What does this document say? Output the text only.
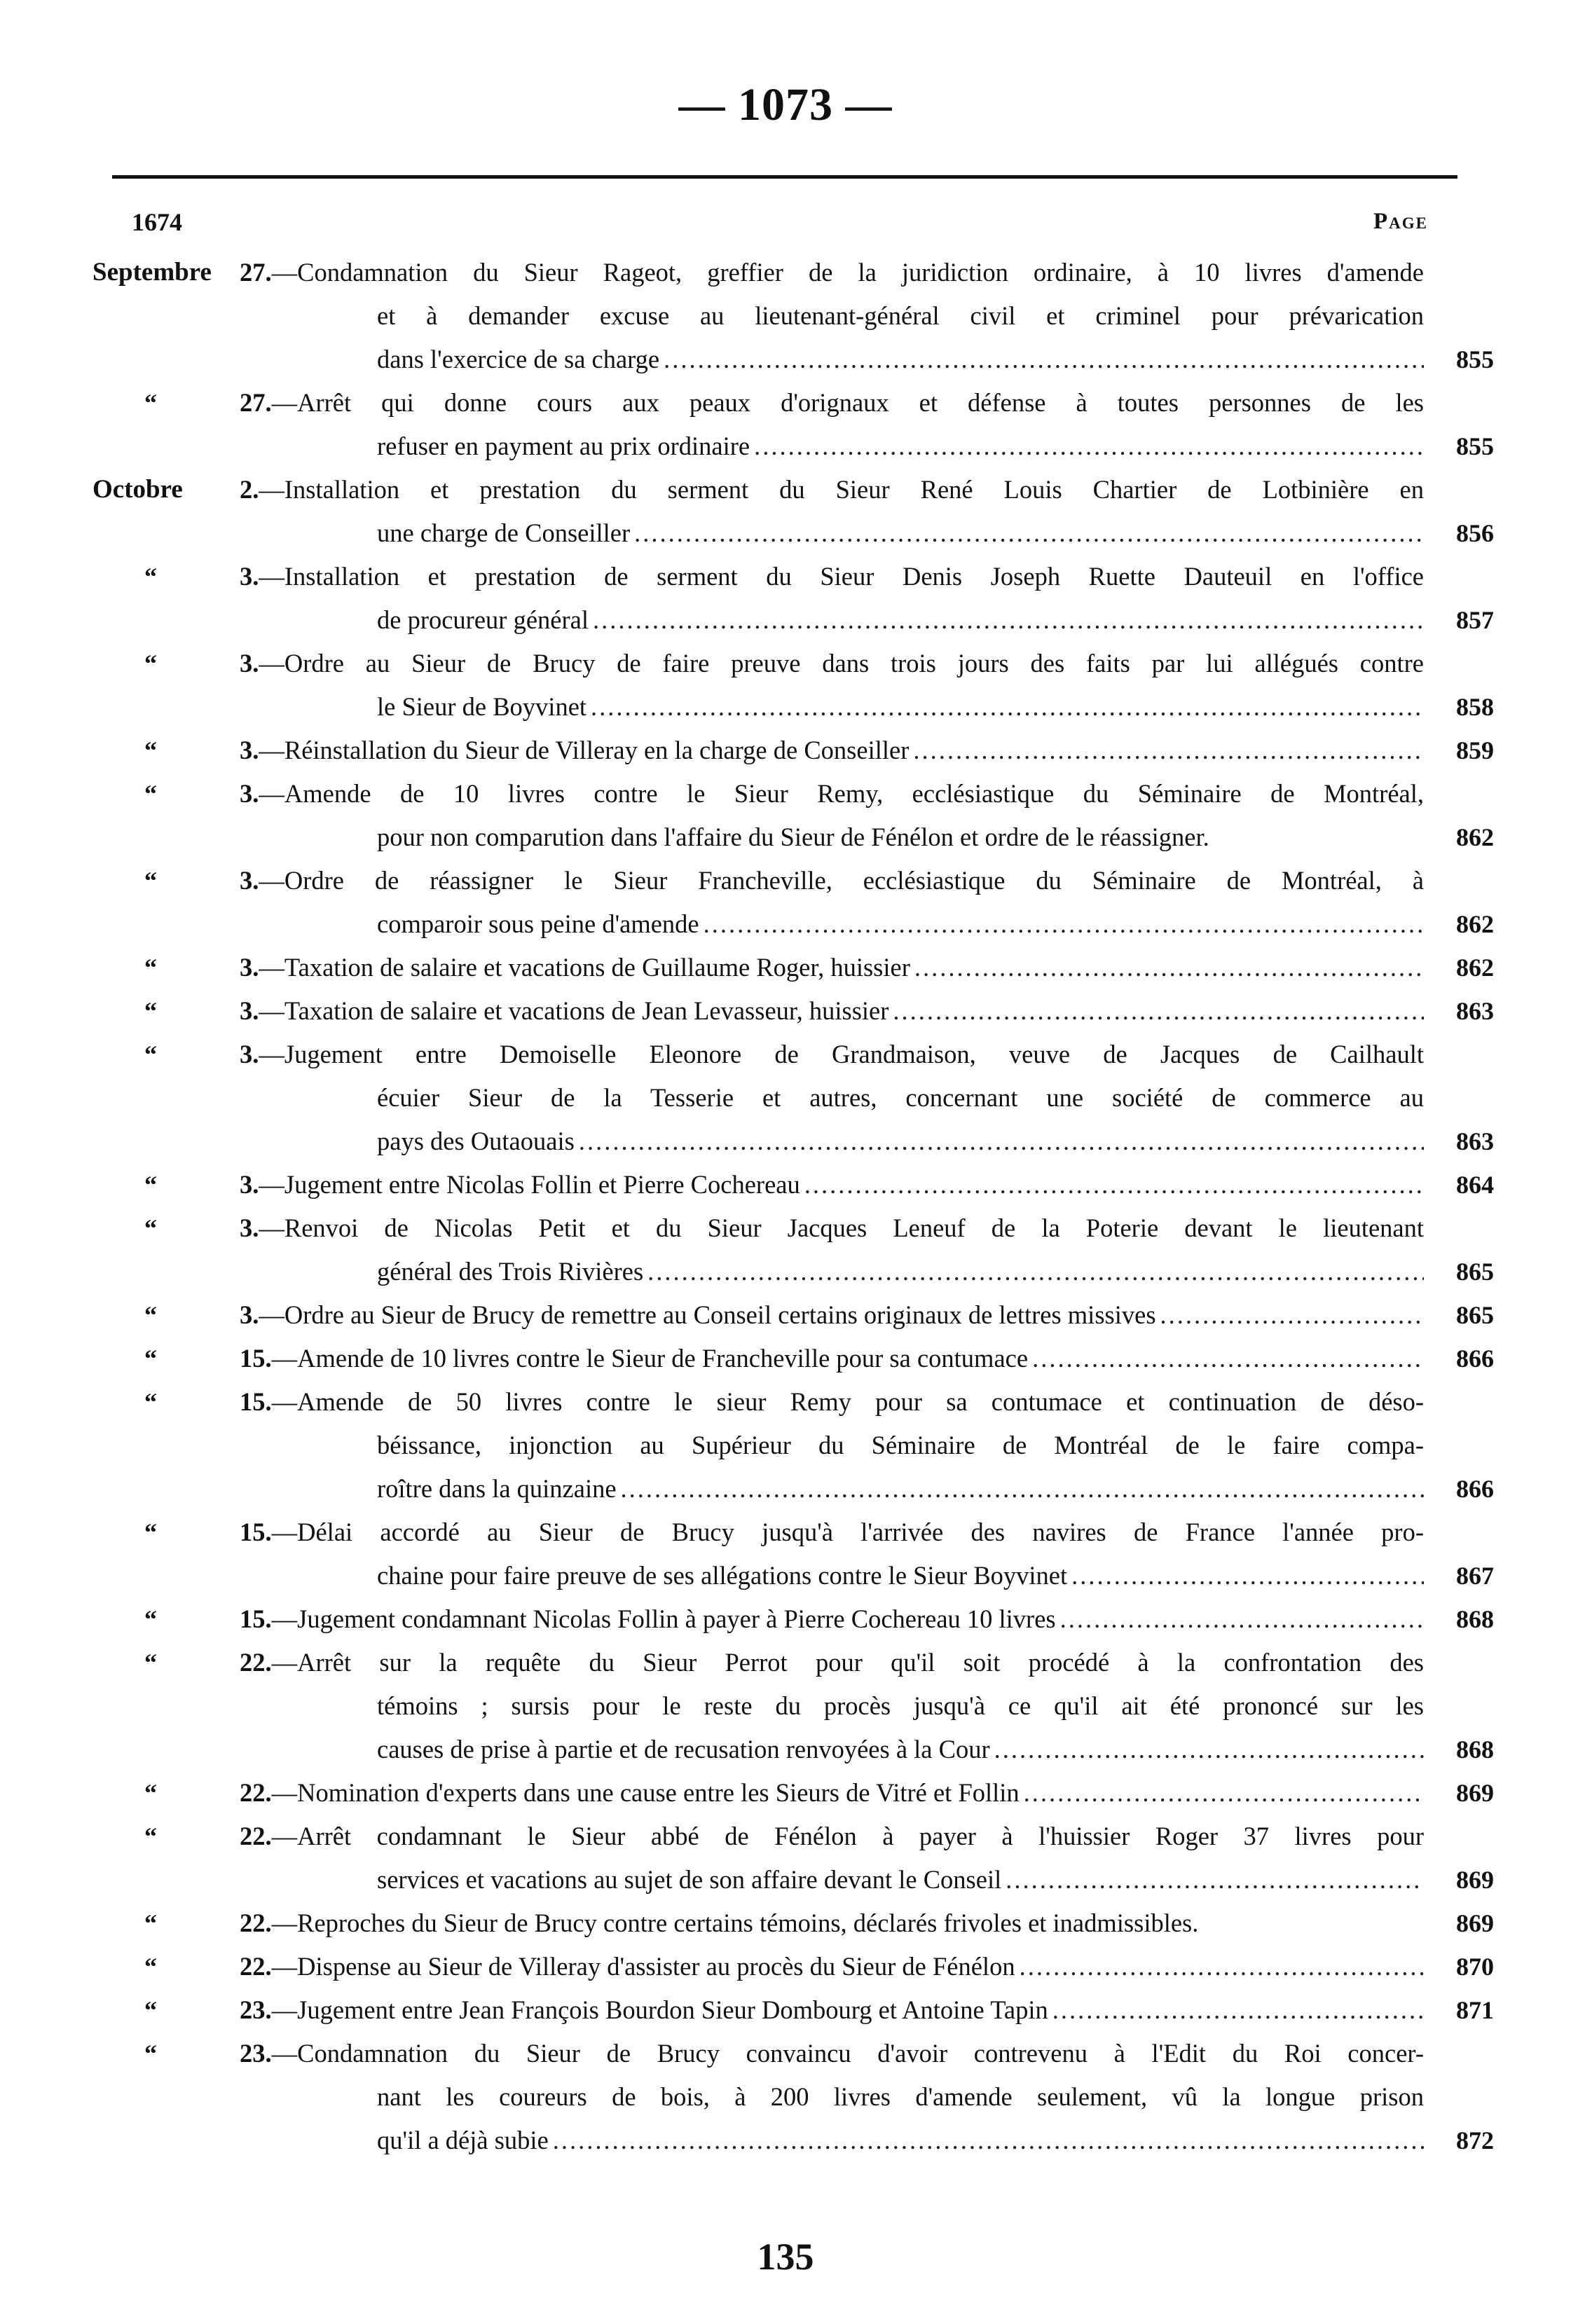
— 1073 —
1674	Page
Septembre 27.—Condamnation du Sieur Rageot, greffier de la juridiction ordinaire, à 10 livres d'amende
et à demander excuse au lieutenant-général civil et criminel pour prévarication
dans l'exercice de sa charge .....	855
“	27.—Arrêt qui donne cours aux peaux d'orignaux et défense à toutes personnes de les
refuser en payment au prix ordinaire .....	855
Octobre 2.—Installation et prestation du serment du Sieur René Louis Chartier de Lotbinière en
une charge de Conseiller .....	856
“	3.—Installation et prestation de serment du Sieur Denis Joseph Ruette Dauteuil en l'office
de procureur général .....	857
“	3.—Ordre au Sieur de Brucy de faire preuve dans trois jours des faits par lui allégués contre
le Sieur de Boyvinet .....	858
“	3.—Réinstallation du Sieur de Villeray en la charge de Conseiller .....	859
“	3.—Amende de 10 livres contre le Sieur Remy, ecclésiastique du Séminaire de Montréal,
pour non comparution dans l'affaire du Sieur de Fénélon et ordre de le réassigner.	862
“	3.—Ordre de réassigner le Sieur Francheville, ecclésiastique du Séminaire de Montréal, à
comparoir sous peine d'amende .....	862
“	3.—Taxation de salaire et vacations de Guillaume Roger, huissier .....	862
“	3.—Taxation de salaire et vacations de Jean Levasseur, huissier .....	863
“	3.—Jugement entre Demoiselle Eleonore de Grandmaison, veuve de Jacques de Cailhault
écuier Sieur de la Tesserie et autres, concernant une société de commerce au
pays des Outaouais .....	863
“	3.—Jugement entre Nicolas Follin et Pierre Cochereau .....	864
“	3.—Renvoi de Nicolas Petit et du Sieur Jacques Leneuf de la Poterie devant le lieutenant
général des Trois Rivières .....	865
“	3.—Ordre au Sieur de Brucy de remettre au Conseil certains originaux de lettres missives .....	865
“	15.—Amende de 10 livres contre le Sieur de Francheville pour sa contumace .....	866
“	15.—Amende de 50 livres contre le sieur Remy pour sa contumace et continuation de déso-
béissance, injonction au Supérieur du Séminaire de Montréal de le faire compa-
roître dans la quinzaine .....	866
“	15.—Délai accordé au Sieur de Brucy jusqu'à l'arrivée des navires de France l'année pro-
chaine pour faire preuve de ses allégations contre le Sieur Boyvinet .....	867
“	15.—Jugement condamnant Nicolas Follin à payer à Pierre Cochereau 10 livres .....	868
“	22.—Arrêt sur la requête du Sieur Perrot pour qu'il soit procédé à la confrontation des
témoins ; sursis pour le reste du procès jusqu'à ce qu'il ait été prononcé sur les
causes de prise à partie et de recusation renvoyées à la Cour .....	868
“	22.—Nomination d'experts dans une cause entre les Sieurs de Vitré et Follin .....	869
“	22.—Arrêt condamnant le Sieur abbé de Fénélon à payer à l'huissier Roger 37 livres pour
services et vacations au sujet de son affaire devant le Conseil .....	869
“	22.—Reproches du Sieur de Brucy contre certains témoins, déclarés frivoles et inadmissibles.	869
“	22.—Dispense au Sieur de Villeray d'assister au procès du Sieur de Fénélon .....	870
“	23.—Jugement entre Jean François Bourdon Sieur Dombourg et Antoine Tapin .....	871
“	23.—Condamnation du Sieur de Brucy convaincu d'avoir contrevenu à l'Edit du Roi concer-
nant les coureurs de bois, à 200 livres d'amende seulement, vû la longue prison
qu'il a déjà subie .....	872
135
